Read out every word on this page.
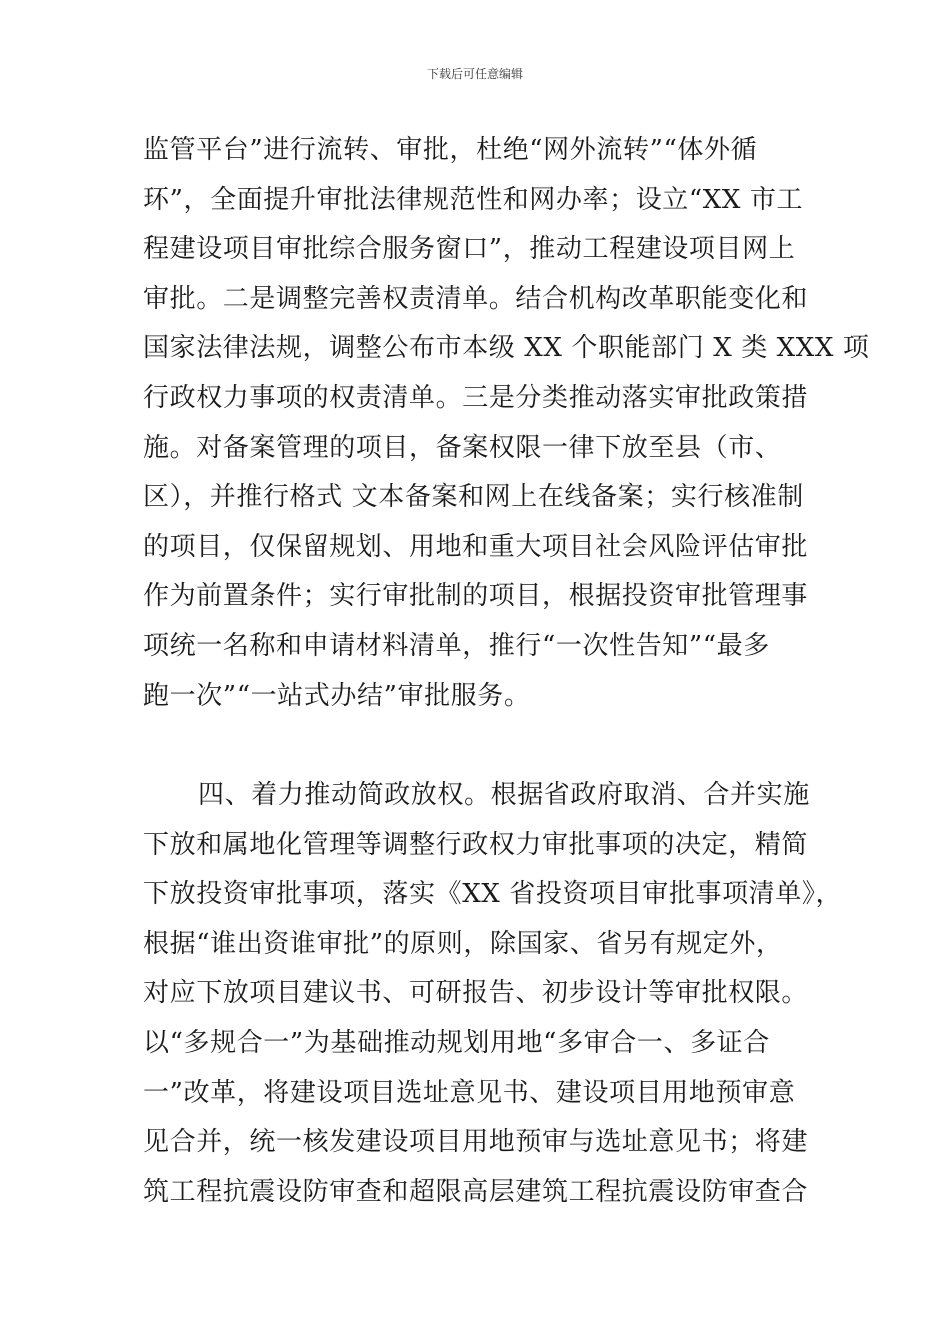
下载后可任意编辑
监管平台”进行流转、审批，杜绝“网外流转”“体外循
环”，全面提升审批法律规范性和网办率；设立“XX 市工
程建设项目审批综合服务窗口”，推动工程建设项目网上
审批。二是调整完善权责清单。结合机构改革职能变化和
国家法律法规，调整公布市本级 XX 个职能部门 X 类 XXX 项
行政权力事项的权责清单。三是分类推动落实审批政策措
施。对备案管理的项目，备案权限一律下放至县（市、
区），并推行格式 文本备案和网上在线备案；实行核准制
的项目，仅保留规划、用地和重大项目社会风险评估审批
作为前置条件；实行审批制的项目，根据投资审批管理事
项统一名称和申请材料清单，推行“一次性告知”“最多
跑一次”“一站式办结”审批服务。
四、着力推动简政放权。根据省政府取消、合并实施
下放和属地化管理等调整行政权力审批事项的决定，精简
下放投资审批事项，落实《XX 省投资项目审批事项清单》，
根据“谁出资谁审批”的原则，除国家、省另有规定外，
对应下放项目建议书、可研报告、初步设计等审批权限。
以“多规合一”为基础推动规划用地“多审合一、多证合
一”改革，将建设项目选址意见书、建设项目用地预审意
见合并，统一核发建设项目用地预审与选址意见书；将建
筑工程抗震设防审查和超限高层建筑工程抗震设防审查合
